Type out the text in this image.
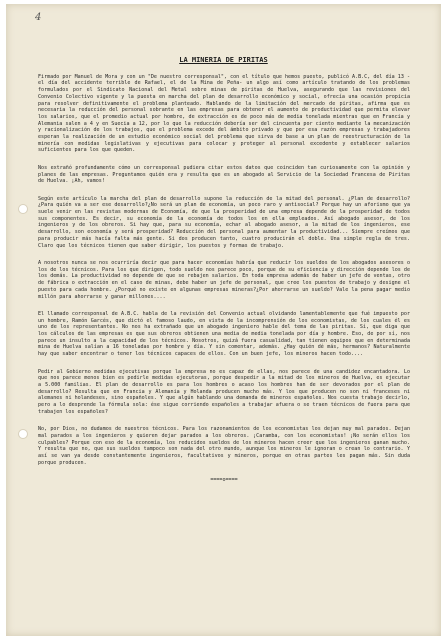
4
LA MINERIA DE PIRITAS

Firmado por Manuel de Mora y con un "De nuestro corresponsal", con el título que hemos puesto, publicó A.B.C, del día 13 -el día del accidente terrible de Rafael, el de la Mina de Peña- un algo así como artículo tratando de los problemas formulados por el Sindicato Nacional del Metal sobre minas de piritas de Huelva, asegurando que las revisiones del Convenio Colectivo vigente y la puesta en marcha del plan de desarrollo económico y social, ofrecía una ocasión propicia para resolver definitivamente el problema planteado. Hablando de la limitación del mercado de piritas, afirma que es necesaria la reducción del personal sobrante en las empresas para obtener el aumento de productividad que permita elevar los salarios, que el promedio actual por hombre, de extracción es de poco más de media tonelada mientras que en Francia y Alemania salen a 4 y en Suecia a 12, por lo que la reducción debería ser del cincuenta por ciento mediante la mecanización y racionalización de los trabajos, que el problema excede del ámbito privado y que por esa razón empresas y trabajadores esperan la realización de un estudio económico social del problema que sirva de base a un plan de reestructuración de la minería con medidas legislativas y ejecutivas para colocar y proteger al personal excedente y establecer salarios suficientes para los que queden.

Nos extrañó profundamente cómo un corresponsal pudiera citar estos datos que coinciden tan curiosamente con la opinión y planes de las empresas. Preguntamos quién era y resulta que es un abogado al Servicio de la Sociedad Francesa de Piritas de Huelva. ¡Ah, vamos!

Según este artículo la marcha del plan de desarrollo supone la reducción de la mitad del personal. ¿Plan de desarrollo?¿Para quién va a ser ese desarrollo?¿No será un plan de economía, un poco raro y antisocial? Porque hay un aforismo que ya suele venir en las revistas modernas de Economía, de que la prosperidad de una empresa depende de la prosperidad de todos sus componentes. Es decir, su economía de la economía de todos los en ella empleados. Así abogado asesor, de los ingenieros y de los obreros. Si hay que, para su economía, echar al abogado asesor, a la mitad de los ingenieros, ese desarrollo, son economía y será prosperidad? Reducción del personal para aumentar la productividad... Siempre creímos que para producir más hacía falta más gente. Si dos producen tanto, cuatro producirán el doble. Una simple regla de tres. Claro que los técnicos tienen que saber dirigir, los puestos y formas de trabajo.

A nosotros nunca se nos ocurriría decir que para hacer economías habría que reducir los sueldos de los abogados asesores o los de los técnicos. Para los que dirigen, todo sueldo nos parece poco, porque de su eficiencia y dirección depende los de los demás. La productividad no depende de que se rebajen salarios. En toda empresa además de haber un jefe de ventas, otro de fábrica o extracción en el caso de minas, debe haber un jefe de personal, que cree los puestos de trabajo y designe el puesto para cada hombre. ¿Porqué no existe en algunas empresas mineras?¿Por ahorrarse un sueldo? Vale la pena pagar medio millón para ahorrarse y ganar millones....

El llamado corresponsal de A.B.C. habla de la revisión del Convenio actual olvidando lamentablemente que fué impuesto por un hombre, Ramón Garcés, que dictó el famoso laudo, en vista de la incomprensión de los economistas, de los cuales él es uno de los representantes. No nos ha extrañado que un abogado ingeniero hable del tema de las piritas. Sí, que diga que los cálculos de las empresas es que sus obreros obtienen una media de media tonelada por día y hombre. Eso, de por sí, nos parece un insulto a la capacidad de los técnicos. Nosotros, quizá fuera casualidad, tan tienen equipos que en determinada mina de Huelva salían a 16 toneladas por hombre y día. Y sin comentar, además. ¿Hay quién dé más, hermanos? Naturalmente hay que saber encontrar o tener los técnicos capaces de ellos. Con un buen jefe, los mineros hacen todo....

Pedir al Gobierno medidas ejecutivas porque la empresa no es capaz de ellas, nos parece de una candidez encantadora. Lo que nos parece menos bien es pedirle medidas ejecutoras, porque despedir a la mitad de los mineros de Huelva, es ejecutar a 5.000 familias. El plan de desarrollo es para los hombres o acaso los hombres han de ser devorados por el plan de desarrollo? Resulta que en Francia y Alemania y Holanda producen mucho más. Y los que producen no son ni franceses ni alemanes ni holandeses, sino españoles. Y que algún hablando una demanda de mineros españoles. Nos cuesta trabajo decirlo, pero a lo desprende la fórmula sola: ése sigue corriendo españoles a trabajar afuera o se traen técnicos de fuera para que trabajen los españoles?

No, por Dios, no dudamos de nuestros técnicos. Para los razonamientos de los economistas los dejan muy mal parados. Dejan mal parados a los ingenieros y quieren dejar parados a los obreros. ¡Caramba, con los economistas! ¡No serán ellos los culpables? Porque con eso de la economía, los reducidos sueldos de los mineros hacen creer que los ingenieros ganan mucho. Y resulta que no, que sus sueldos tampoco son nada del otro mundo, aunque los mineros le ignoran o crean lo contrario. Y así se van ya desde constantemente ingenieros, facultativos y mineros, porque en otras partes les pagan más. Sin duda porque producen.

====o====
